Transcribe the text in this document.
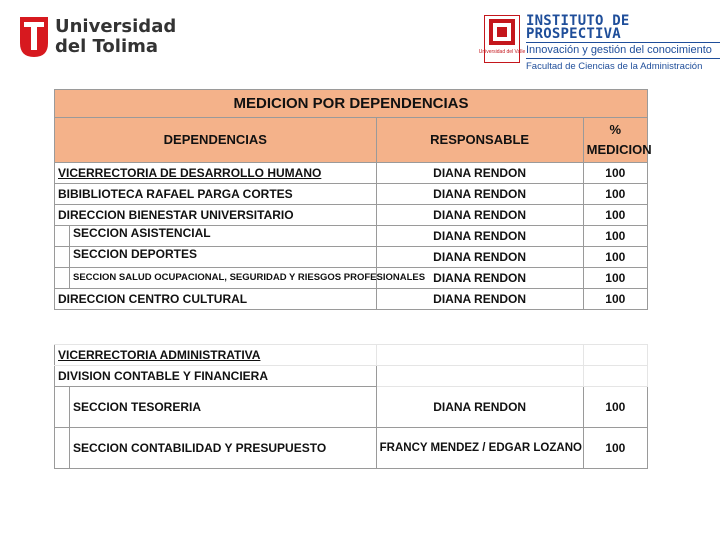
Universidad
del Tolima	Universidad del Valle
INSTITUTO DE PROSPECTIVA
Innovación y gestión del conocimiento
Facultad de Ciencias de la Administración
MEDICION POR DEPENDENCIAS		
DEPENDENCIAS	RESPONSABLE	%
MEDICION

VICERRECTORIA DE DESARROLLO HUMANO	DIANA RENDON	100
BIBIBLIOTECA RAFAEL PARGA CORTES	DIANA RENDON	100
DIRECCION BIENESTAR UNIVERSITARIO	DIANA RENDON	100

SECCION ASISTENCIAL	DIANA RENDON	100

SECCION DEPORTES	DIANA RENDON	100

SECCION SALUD OCUPACIONAL, SEGURIDAD Y RIESGOS PROFESIONALES	DIANA RENDON	100
DIRECCION CENTRO CULTURAL	DIANA RENDON	100
VICERRECTORIA ADMINISTRATIVA		
DIVISION CONTABLE Y FINANCIERA		

SECCION TESORERIA	DIANA RENDON	100

SECCION CONTABILIDAD Y PRESUPUESTO	FRANCY MENDEZ / EDGAR LOZANO	100
